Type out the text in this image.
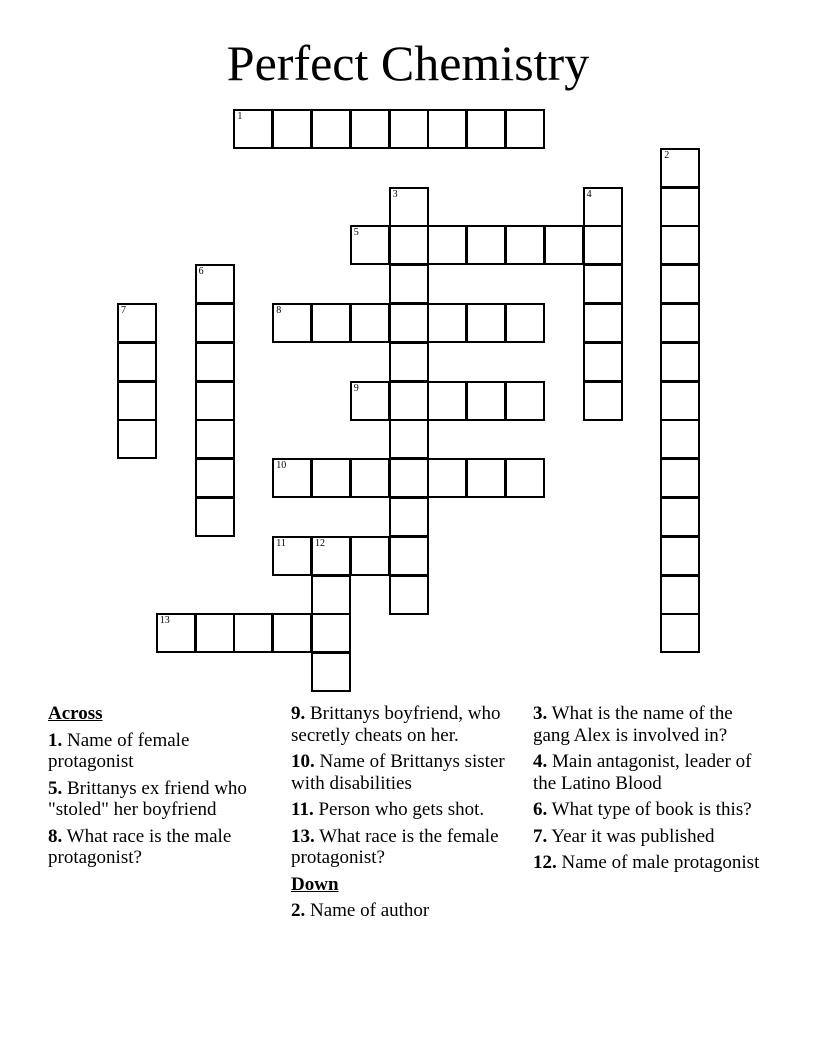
Perfect Chemistry
1
2
3	4
5
6
7	8
9
10
11	12
13
Across
1. Name of female protagonist
5. Brittanys ex friend who "stoled" her boyfriend
8. What race is the male protagonist?
9. Brittanys boyfriend, who secretly cheats on her.
10. Name of Brittanys sister with disabilities
11. Person who gets shot.
13. What race is the female protagonist?
Down
2. Name of author
3. What is the name of the gang Alex is involved in?
4. Main antagonist, leader of the Latino Blood
6. What type of book is this?
7. Year it was published
12. Name of male protagonist
